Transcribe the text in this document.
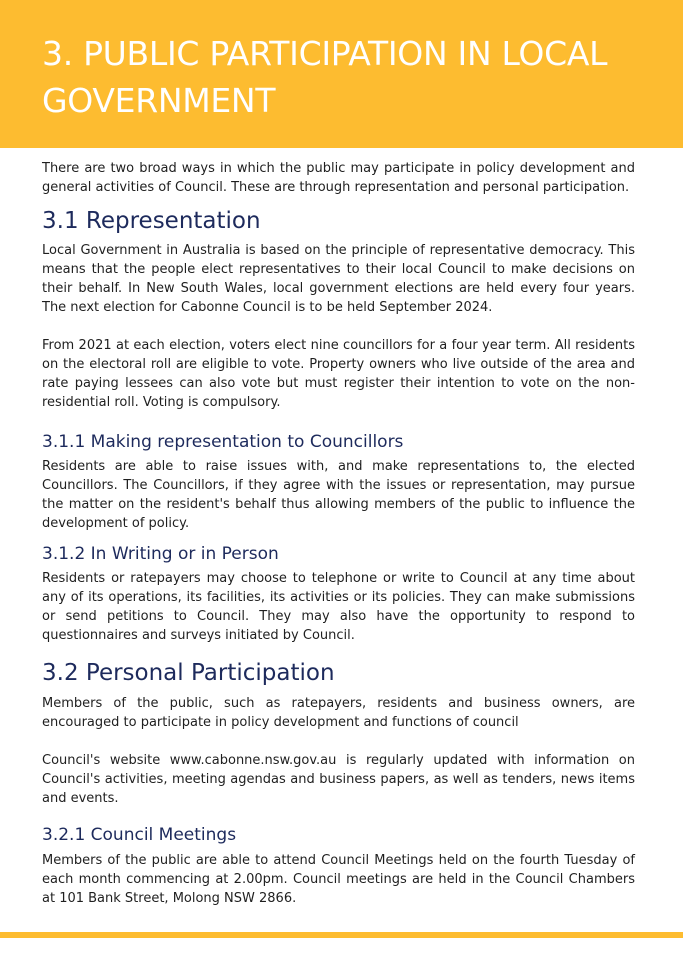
3. PUBLIC PARTICIPATION IN LOCAL GOVERNMENT

There are two broad ways in which the public may participate in policy development and general activities of Council. These are through representation and personal participation.

3.1 Representation

Local Government in Australia is based on the principle of representative democracy. This means that the people elect representatives to their local Council to make decisions on their behalf. In New South Wales, local government elections are held every four years. The next election for Cabonne Council is to be held September 2024.

From 2021 at each election, voters elect nine councillors for a four year term. All residents on the electoral roll are eligible to vote. Property owners who live outside of the area and rate paying lessees can also vote but must register their intention to vote on the non-residential roll. Voting is compulsory.

3.1.1 Making representation to Councillors

Residents are able to raise issues with, and make representations to, the elected Councillors. The Councillors, if they agree with the issues or representation, may pursue the matter on the resident's behalf thus allowing members of the public to influence the development of policy.

3.1.2 In Writing or in Person

Residents or ratepayers may choose to telephone or write to Council at any time about any of its operations, its facilities, its activities or its policies. They can make submissions or send petitions to Council. They may also have the opportunity to respond to questionnaires and surveys initiated by Council.

3.2 Personal Participation

Members of the public, such as ratepayers, residents and business owners, are encouraged to participate in policy development and functions of council

Council's website www.cabonne.nsw.gov.au is regularly updated with information on Council's activities, meeting agendas and business papers, as well as tenders, news items and events.

3.2.1 Council Meetings

Members of the public are able to attend Council Meetings held on the fourth Tuesday of each month commencing at 2.00pm. Council meetings are held in the Council Chambers at 101 Bank Street, Molong NSW 2866.
